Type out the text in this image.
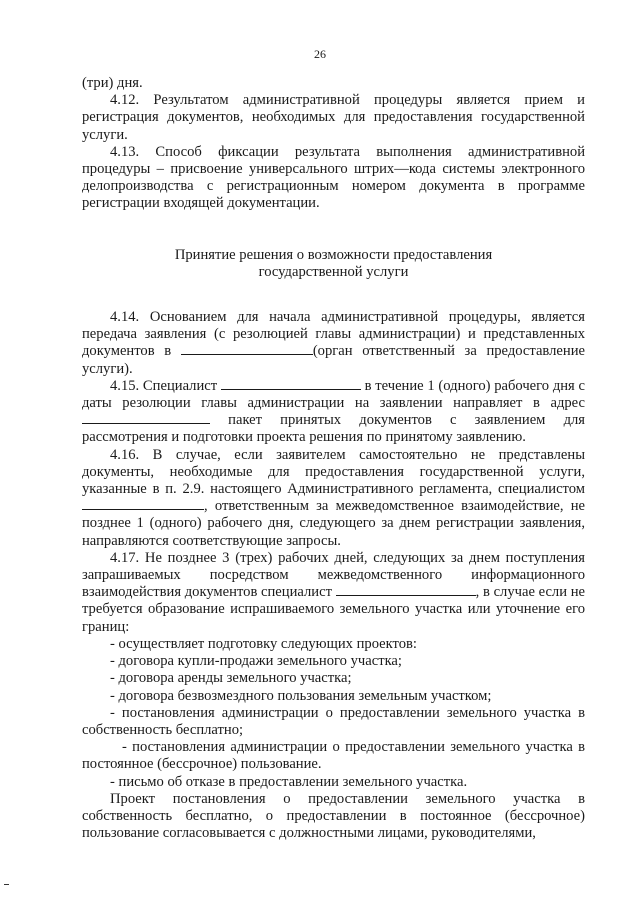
26

(три) дня.

4.12. Результатом административной процедуры является прием и регистрация документов, необходимых для предоставления государственной услуги.

4.13. Способ фиксации результата выполнения административной процедуры – присвоение универсального штрих—кода системы электронного делопроизводства с регистрационным номером документа в программе регистрации входящей документации.

Принятие решения о возможности предоставления
государственной услуги

4.14. Основанием для начала административной процедуры, является передача заявления (с резолюцией главы администрации) и представленных документов в	(орган ответственный за предоставление услуги).

4.15. Специалист	в течение 1 (одного) рабочего дня с даты резолюции главы администрации на заявлении направляет в адрес пакет принятых документов с заявлением для рассмотрения и подготовки проекта решения по принятому заявлению.

4.16. В случае, если заявителем самостоятельно не представлены документы, необходимые для предоставления государственной услуги, указанные в п. 2.9. настоящего Административного регламента, специалистом , ответственным за межведомственное взаимодействие, не позднее 1 (одного) рабочего дня, следующего за днем регистрации заявления, направляются соответствующие запросы.

4.17. Не позднее 3 (трех) рабочих дней, следующих за днем поступления запрашиваемых посредством межведомственного информационного взаимодействия документов специалист	, в случае если не требуется образование испрашиваемого земельного участка или уточнение его границ:

- осуществляет подготовку следующих проектов:

- договора купли-продажи земельного участка;

- договора аренды земельного участка;

- договора безвозмездного пользования земельным участком;

- постановления администрации о предоставлении земельного участка в собственность бесплатно;

- постановления администрации о предоставлении земельного участка в постоянное (бессрочное) пользование.

- письмо об отказе в предоставлении земельного участка.

Проект постановления о предоставлении земельного участка в собственность бесплатно, о предоставлении в постоянное (бессрочное) пользование согласовывается с должностными лицами, руководителями,
